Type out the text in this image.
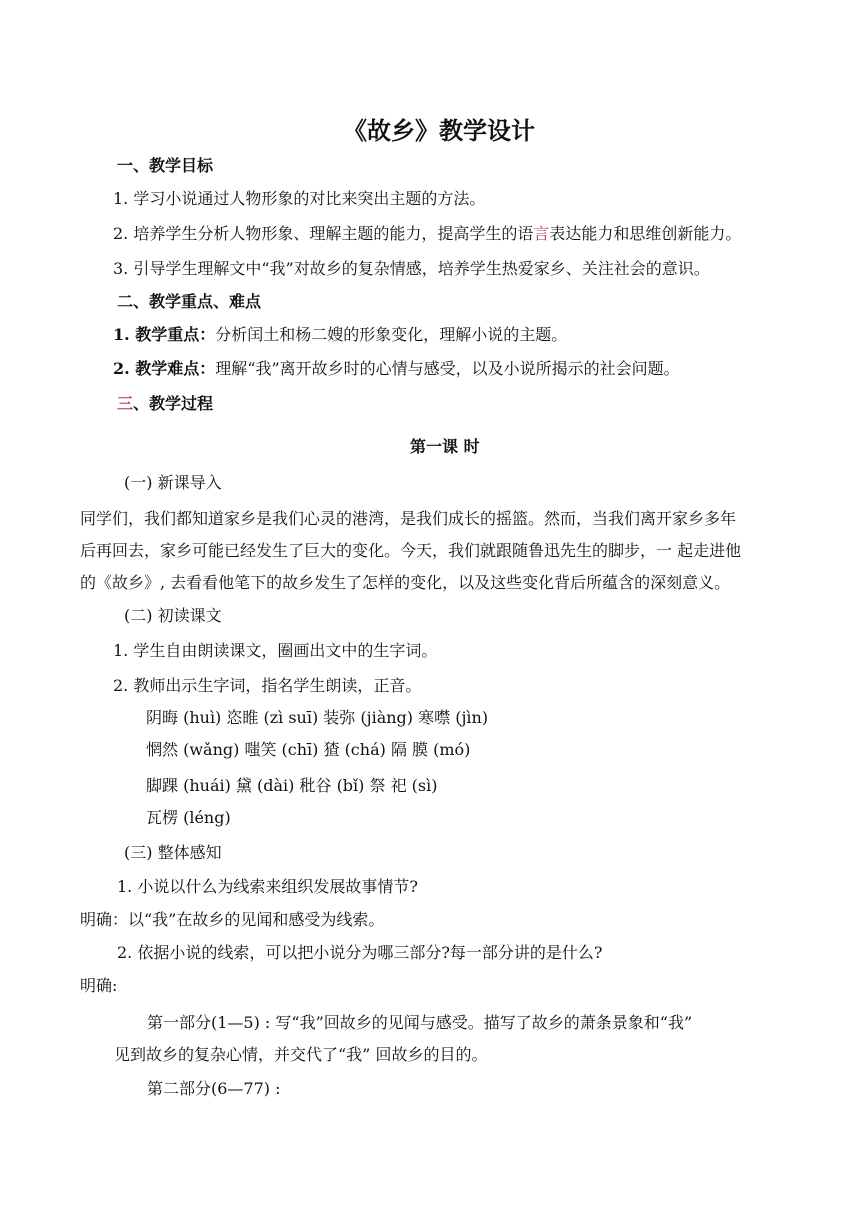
《故乡》教学设计
一、教学目标
1. 学习小说通过人物形象的对比来突出主题的方法。
2. 培养学生分析人物形象、理解主题的能力，提高学生的语言表达能力和思维创新能力。
3. 引导学生理解文中“我”对故乡的复杂情感，培养学生热爱家乡、关注社会的意识。
二、教学重点、难点
1. 教学重点：分析闰土和杨二嫂的形象变化，理解小说的主题。
2. 教学难点：理解“我”离开故乡时的心情与感受，以及小说所揭示的社会问题。
三、教学过程
第一课 时
(一) 新课导入
同学们，我们都知道家乡是我们心灵的港湾，是我们成长的摇篮。然而，当我们离开家乡多年
后再回去，家乡可能已经发生了巨大的变化。今天，我们就跟随鲁迅先生的脚步，一 起走进他
的《故乡》, 去看看他笔下的故乡发生了怎样的变化，以及这些变化背后所蕴含的深刻意义。
(二) 初读课文
1. 学生自由朗读课文，圈画出文中的生字词。
2. 教师出示生字词，指名学生朗读，正音。
阴晦 (huì) 恣睢 (zì suī) 装弥 (jiàng) 寒噤 (jìn)
惘然 (wǎng) 嗤笑 (chī) 猹 (chá) 隔 膜 (mó)
脚踝 (huái) 黛 (dài) 秕谷 (bǐ) 祭 祀 (sì)
瓦楞 (léng)
(三) 整体感知
1. 小说以什么为线索来组织发展故事情节?
明确：以“我”在故乡的见闻和感受为线索。
2. 依据小说的线索，可以把小说分为哪三部分?每一部分讲的是什么?
明确:
第一部分(1—5) : 写“我”回故乡的见闻与感受。描写了故乡的萧条景象和“我”
见到故乡的复杂心情，并交代了“我” 回故乡的目的。
第二部分(6—77) :
